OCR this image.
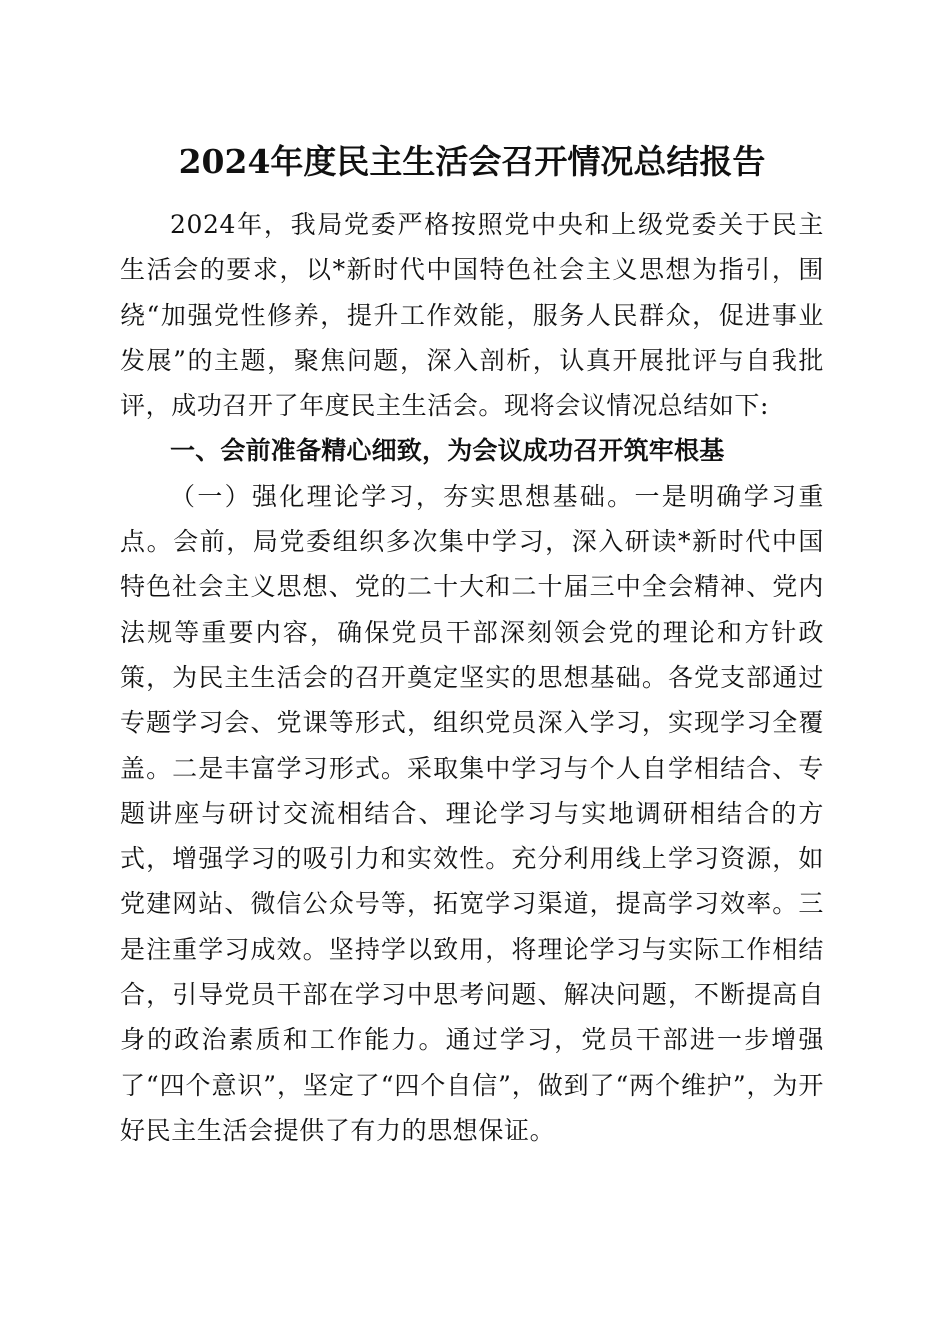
2024年度民主生活会召开情况总结报告

2024年，我局党委严格按照党中央和上级党委关于民主生活会的要求，以*新时代中国特色社会主义思想为指引，围绕“加强党性修养，提升工作效能，服务人民群众，促进事业发展”的主题，聚焦问题，深入剖析，认真开展批评与自我批评，成功召开了年度民主生活会。现将会议情况总结如下:

一、会前准备精心细致，为会议成功召开筑牢根基

（一）强化理论学习，夯实思想基础。一是明确学习重点。会前，局党委组织多次集中学习，深入研读*新时代中国特色社会主义思想、党的二十大和二十届三中全会精神、党内法规等重要内容，确保党员干部深刻领会党的理论和方针政策，为民主生活会的召开奠定坚实的思想基础。各党支部通过专题学习会、党课等形式，组织党员深入学习，实现学习全覆盖。二是丰富学习形式。采取集中学习与个人自学相结合、专题讲座与研讨交流相结合、理论学习与实地调研相结合的方式，增强学习的吸引力和实效性。充分利用线上学习资源，如党建网站、微信公众号等，拓宽学习渠道，提高学习效率。三是注重学习成效。坚持学以致用，将理论学习与实际工作相结合，引导党员干部在学习中思考问题、解决问题，不断提高自身的政治素质和工作能力。通过学习，党员干部进一步增强了“四个意识”，坚定了“四个自信”，做到了“两个维护”，为开好民主生活会提供了有力的思想保证。
